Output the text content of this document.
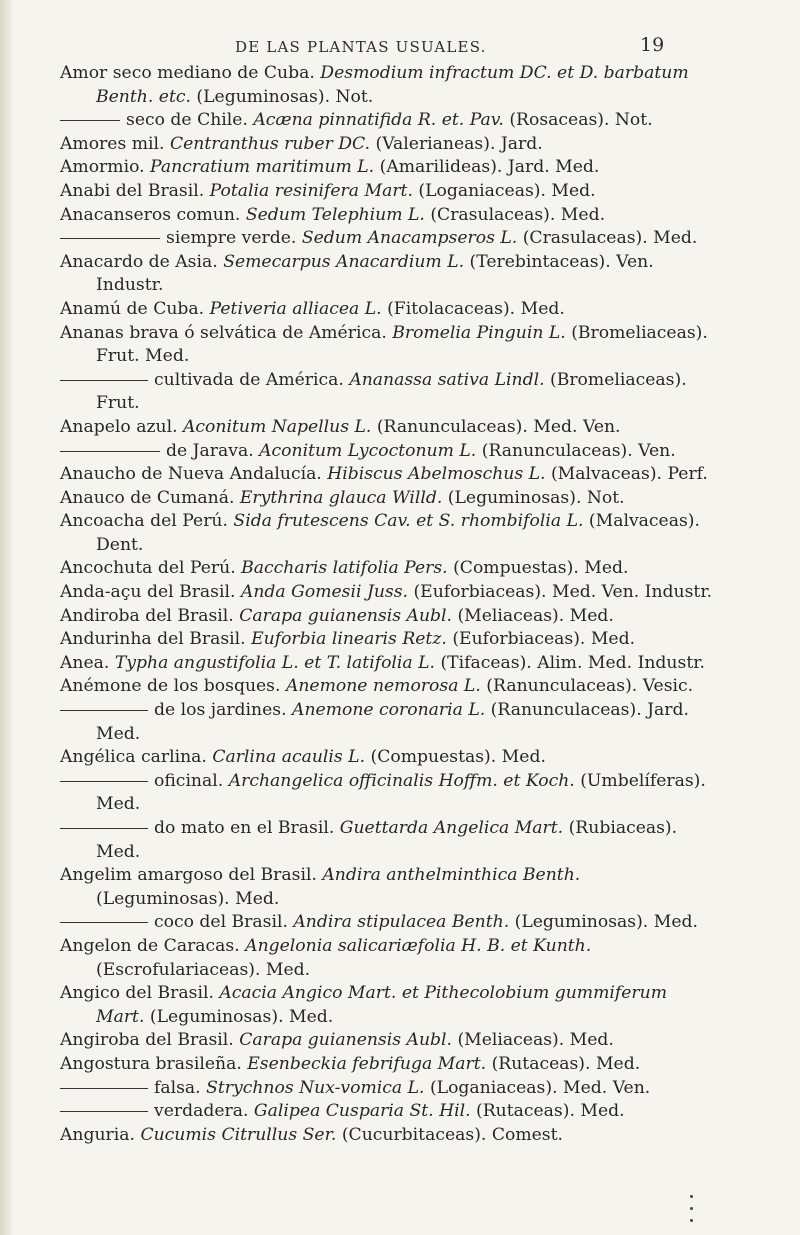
DE LAS PLANTAS USUALES.	19
Amor seco mediano de Cuba. Desmodium infractum DC. et D. barbatum Benth. etc. (Leguminosas). Not.
seco de Chile. Acæna pinnatifida R. et. Pav. (Rosaceas). Not.
Amores mil. Centranthus ruber DC. (Valerianeas). Jard.
Amormio. Pancratium maritimum L. (Amarilideas). Jard. Med.
Anabi del Brasil. Potalia resinifera Mart. (Loganiaceas). Med.
Anacanseros comun. Sedum Telephium L. (Crasulaceas). Med.
siempre verde. Sedum Anacampseros L. (Crasulaceas). Med.
Anacardo de Asia. Semecarpus Anacardium L. (Terebintaceas). Ven. Industr.
Anamú de Cuba. Petiveria alliacea L. (Fitolacaceas). Med.
Ananas brava ó selvática de América. Bromelia Pinguin L. (Bromeliaceas). Frut. Med.
cultivada de América. Ananassa sativa Lindl. (Bromeliaceas). Frut.
Anapelo azul. Aconitum Napellus L. (Ranunculaceas). Med. Ven.
de Jarava. Aconitum Lycoctonum L. (Ranunculaceas). Ven.
Anaucho de Nueva Andalucía. Hibiscus Abelmoschus L. (Malvaceas). Perf.
Anauco de Cumaná. Erythrina glauca Willd. (Leguminosas). Not.
Ancoacha del Perú. Sida frutescens Cav. et S. rhombifolia L. (Malvaceas). Dent.
Ancochuta del Perú. Baccharis latifolia Pers. (Compuestas). Med.
Anda-açu del Brasil. Anda Gomesii Juss. (Euforbiaceas). Med. Ven. Industr.
Andiroba del Brasil. Carapa guianensis Aubl. (Meliaceas). Med.
Andurinha del Brasil. Euforbia linearis Retz. (Euforbiaceas). Med.
Anea. Typha angustifolia L. et T. latifolia L. (Tifaceas). Alim. Med. Industr.
Anémone de los bosques. Anemone nemorosa L. (Ranunculaceas). Vesic.
de los jardines. Anemone coronaria L. (Ranunculaceas). Jard. Med.
Angélica carlina. Carlina acaulis L. (Compuestas). Med.
oficinal. Archangelica officinalis Hoffm. et Koch. (Umbelíferas). Med.
do mato en el Brasil. Guettarda Angelica Mart. (Rubiaceas). Med.
Angelim amargoso del Brasil. Andira anthelminthica Benth. (Leguminosas). Med.
coco del Brasil. Andira stipulacea Benth. (Leguminosas). Med.
Angelon de Caracas. Angelonia salicariæfolia H. B. et Kunth. (Escrofulariaceas). Med.
Angico del Brasil. Acacia Angico Mart. et Pithecolobium gummiferum Mart. (Leguminosas). Med.
Angiroba del Brasil. Carapa guianensis Aubl. (Meliaceas). Med.
Angostura brasileña. Esenbeckia febrifuga Mart. (Rutaceas). Med.
falsa. Strychnos Nux-vomica L. (Loganiaceas). Med. Ven.
verdadera. Galipea Cusparia St. Hil. (Rutaceas). Med.
Anguria. Cucumis Citrullus Ser. (Cucurbitaceas). Comest.
